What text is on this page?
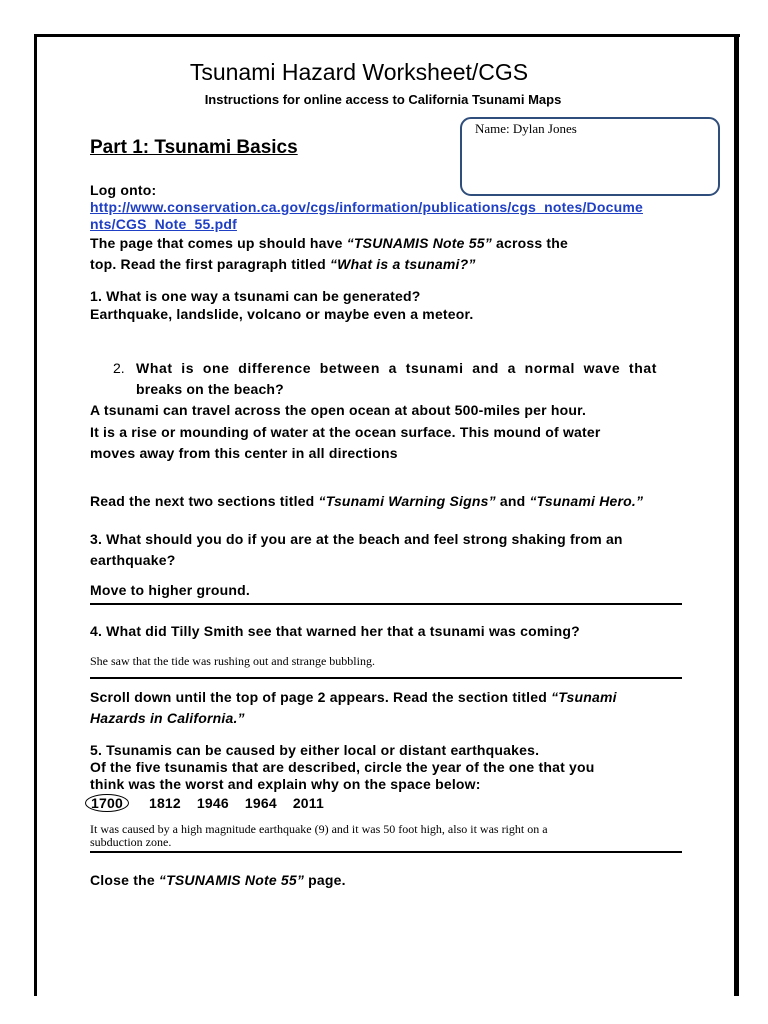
Tsunami Hazard Worksheet/CGS
Instructions for online access to California Tsunami Maps
Part 1: Tsunami Basics
Name: Dylan Jones
Log onto:
http://www.conservation.ca.gov/cgs/information/publications/cgs_notes/Docume
nts/CGS_Note_55.pdf
The page that comes up should have “TSUNAMIS Note 55” across the
top. Read the first paragraph titled “What is a tsunami?”
1. What is one way a tsunami can be generated?
Earthquake, landslide, volcano or maybe even a meteor.
2. What is one difference between a tsunami and a normal wave that
breaks on the beach?
A tsunami can travel across the open ocean at about 500-miles per hour.
It is a rise or mounding of water at the ocean surface. This mound of water
moves away from this center in all directions
Read the next two sections titled “Tsunami Warning Signs” and “Tsunami Hero.”
3. What should you do if you are at the beach and feel strong shaking from an
earthquake?
Move to higher ground.
4. What did Tilly Smith see that warned her that a tsunami was coming?
She saw that the tide was rushing out and strange bubbling.
Scroll down until the top of page 2 appears. Read the section titled “Tsunami
Hazards in California.”
5. Tsunamis can be caused by either local or distant earthquakes.
Of the five tsunamis that are described, circle the year of the one that you
think was the worst and explain why on the space below:
1700 1812 1946 1964 2011
It was caused by a high magnitude earthquake (9) and it was 50 foot high, also it was right on a
subduction zone.
Close the “TSUNAMIS Note 55” page.
